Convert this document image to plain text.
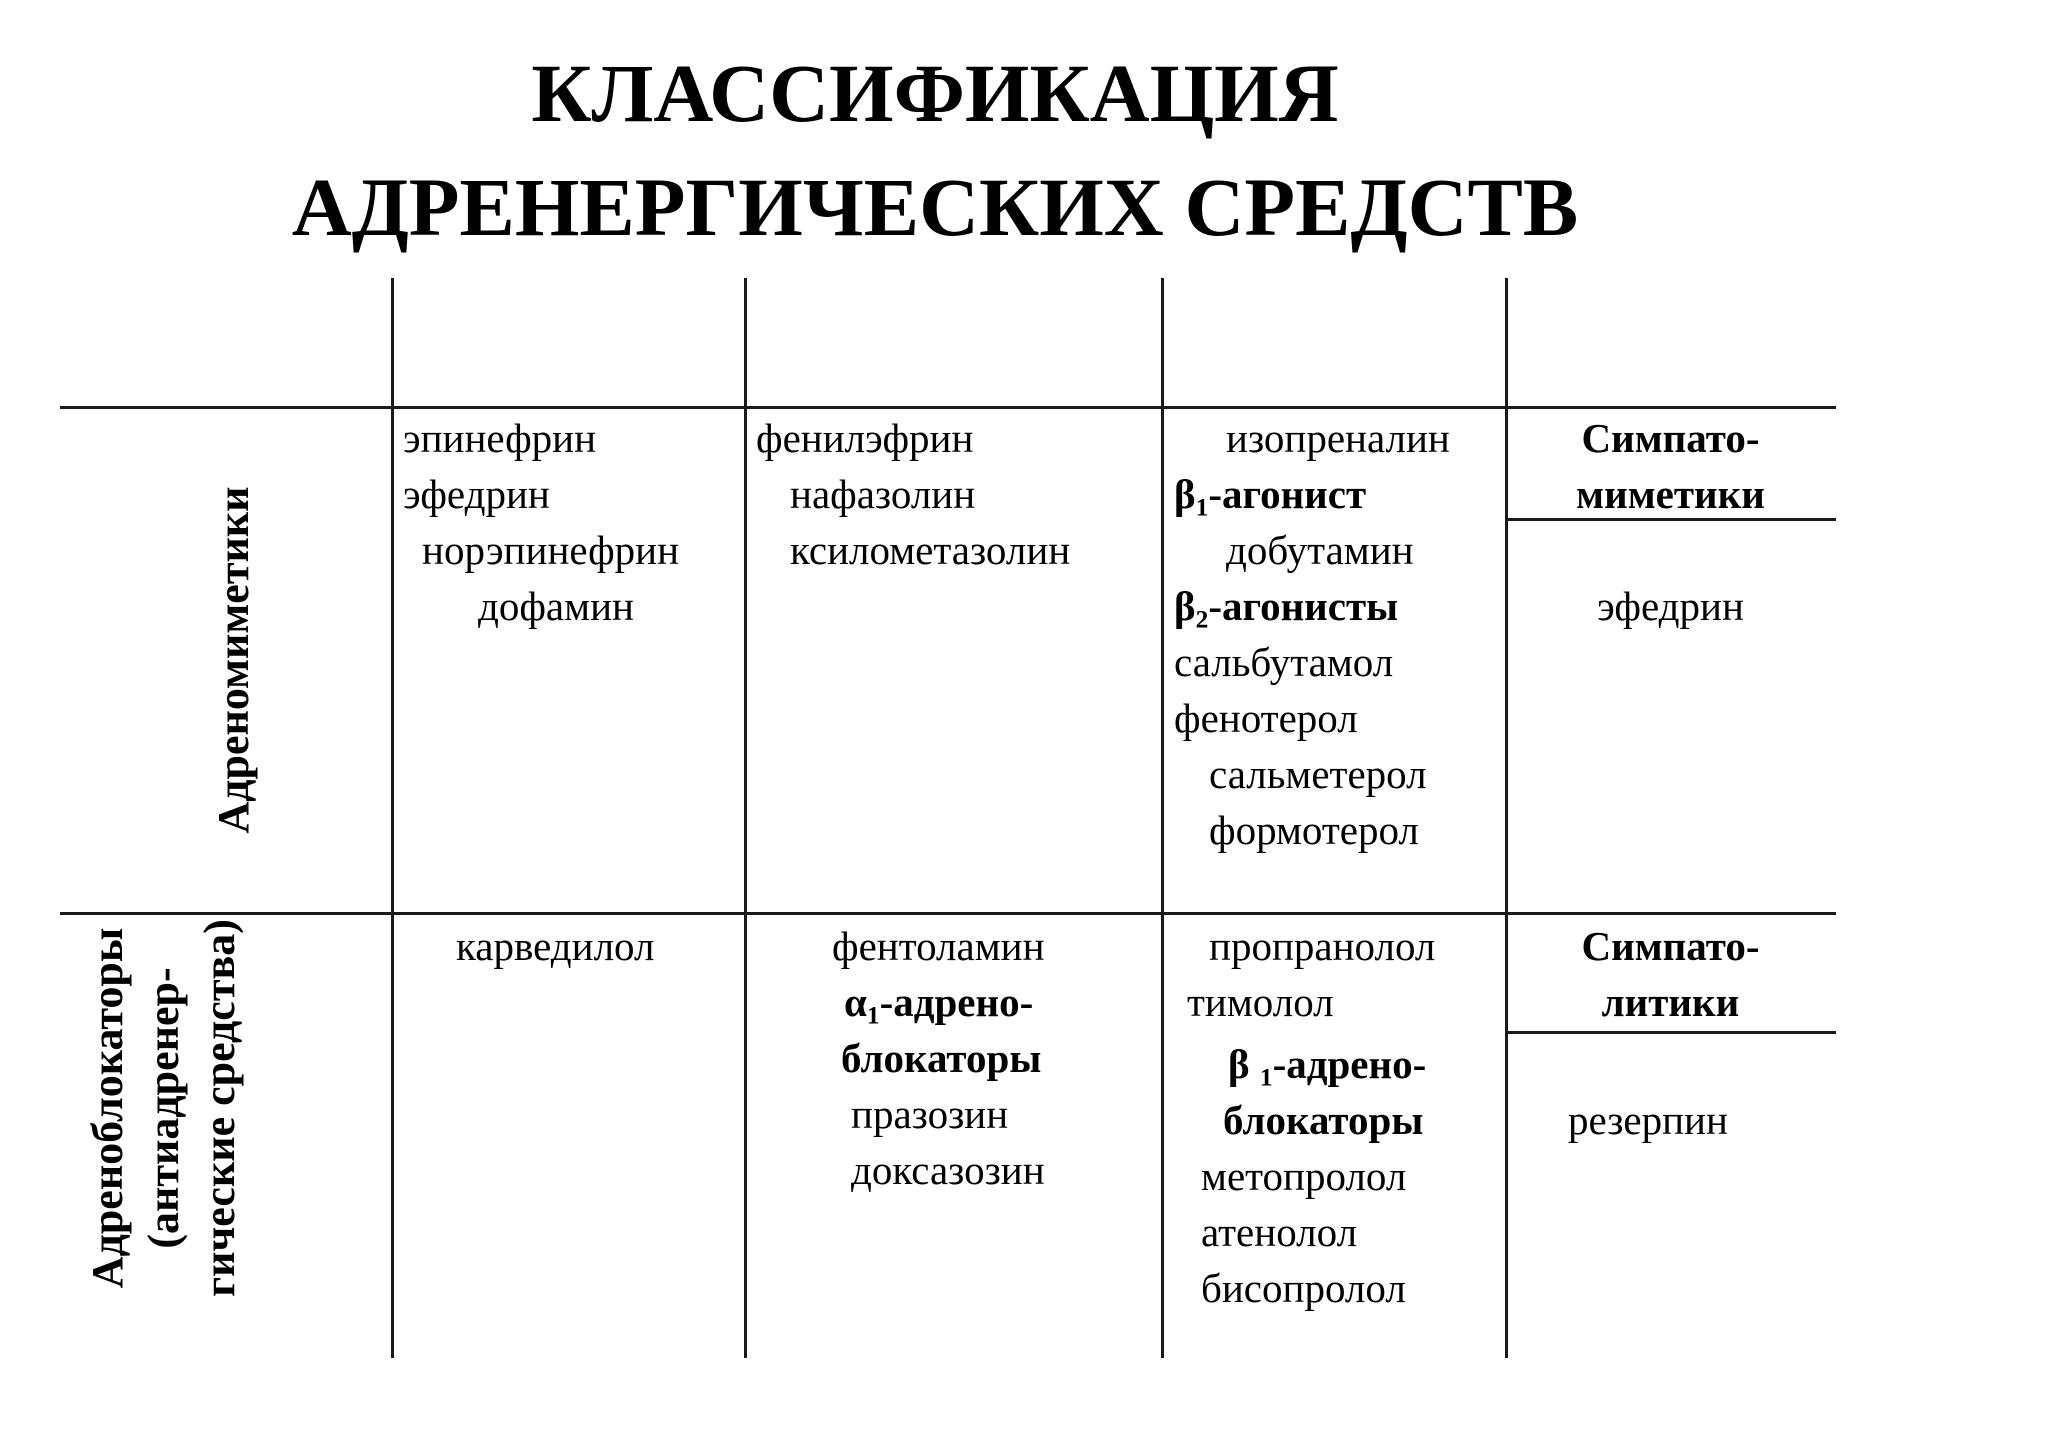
КЛАССИФИКАЦИЯ
АДРЕНЕРГИЧЕСКИХ СРЕДСТВ
Адреномиметики
Адреноблокаторы (антиадренер- гические средства)
эпинефрин
эфедрин
норэпинефрин
дофамин
фенилэфрин
нафазолин
ксилометазолин
изопреналин
$\beta_1$-агонист
добутамин
$\beta_2$-агонисты
сальбутамол
фенотерол
сальметерол
формотерол
Симпато-
миметики
эфедрин
карведилол	фентоламин
$\alpha_1-адрено-$
блокаторы
празозин
доксазозин
пропранолол
тимолол
β $_1$-адрено-
блокаторы
метопролол
атенолол
бисопролол
Симпато-
литики
резерпин
